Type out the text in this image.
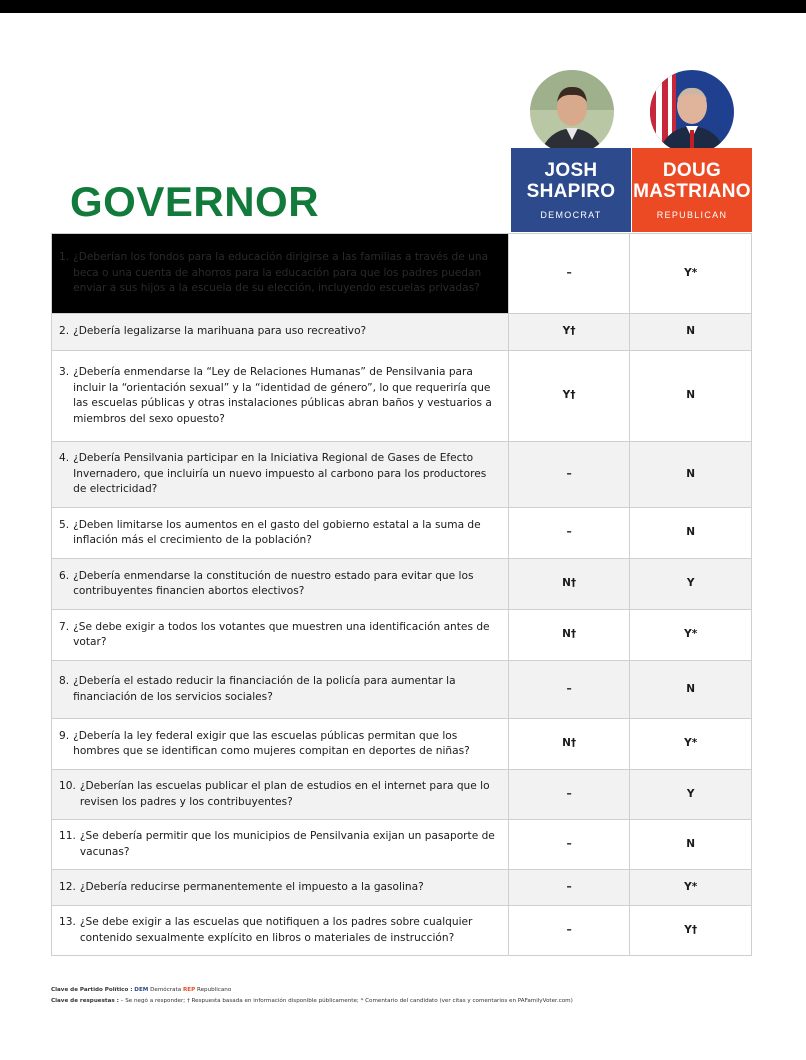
GOVERNOR
JOSH
SHAPIRO
DEMOCRAT
DOUG
MASTRIANO
REPUBLICAN
1. ¿Deberían los fondos para la educación dirigirse a las familias a través de una beca o una cuenta de ahorros para la educación para que los padres puedan enviar a sus hijos a la escuela de su elección, incluyendo escuelas privadas?	–	Y*

2. ¿Debería legalizarse la marihuana para uso recreativo?	Y†	N

3. ¿Debería enmendarse la “Ley de Relaciones Humanas” de Pensilvania para incluir la “orientación sexual” y la “identidad de género”, lo que requeriría que las escuelas públicas y otras instalaciones públicas abran baños y vestuarios a miembros del sexo opuesto?	Y†	N

4. ¿Debería Pensilvania participar en la Iniciativa Regional de Gases de Efecto Invernadero, que incluiría un nuevo impuesto al carbono para los productores de electricidad?	–	N

5. ¿Deben limitarse los aumentos en el gasto del gobierno estatal a la suma de inflación más el crecimiento de la población?	–	N

6. ¿Debería enmendarse la constitución de nuestro estado para evitar que los contribuyentes financien abortos electivos?	N†	Y

7. ¿Se debe exigir a todos los votantes que muestren una identificación antes de votar?	N†	Y*

8. ¿Debería el estado reducir la financiación de la policía para aumentar la financiación de los servicios sociales?	–	N

9. ¿Debería la ley federal exigir que las escuelas públicas permitan que los hombres que se identifican como mujeres compitan en deportes de niñas?	N†	Y*

10. ¿Deberían las escuelas publicar el plan de estudios en el internet para que lo revisen los padres y los contribuyentes?	–	Y

11. ¿Se debería permitir que los municipios de Pensilvania exijan un pasaporte de vacunas?	–	N

12. ¿Debería reducirse permanentemente el impuesto a la gasolina?	–	Y*

13. ¿Se debe exigir a las escuelas que notifiquen a los padres sobre cualquier contenido sexualmente explícito en libros o materiales de instrucción?	–	Y†
Clave de Partido Político : DEM Demócrata REP Republicano
Clave de respuestas : – Se negó a responder; † Respuesta basada en información disponible públicamente; * Comentario del candidato (ver citas y comentarios en PAFamilyVoter.com)
